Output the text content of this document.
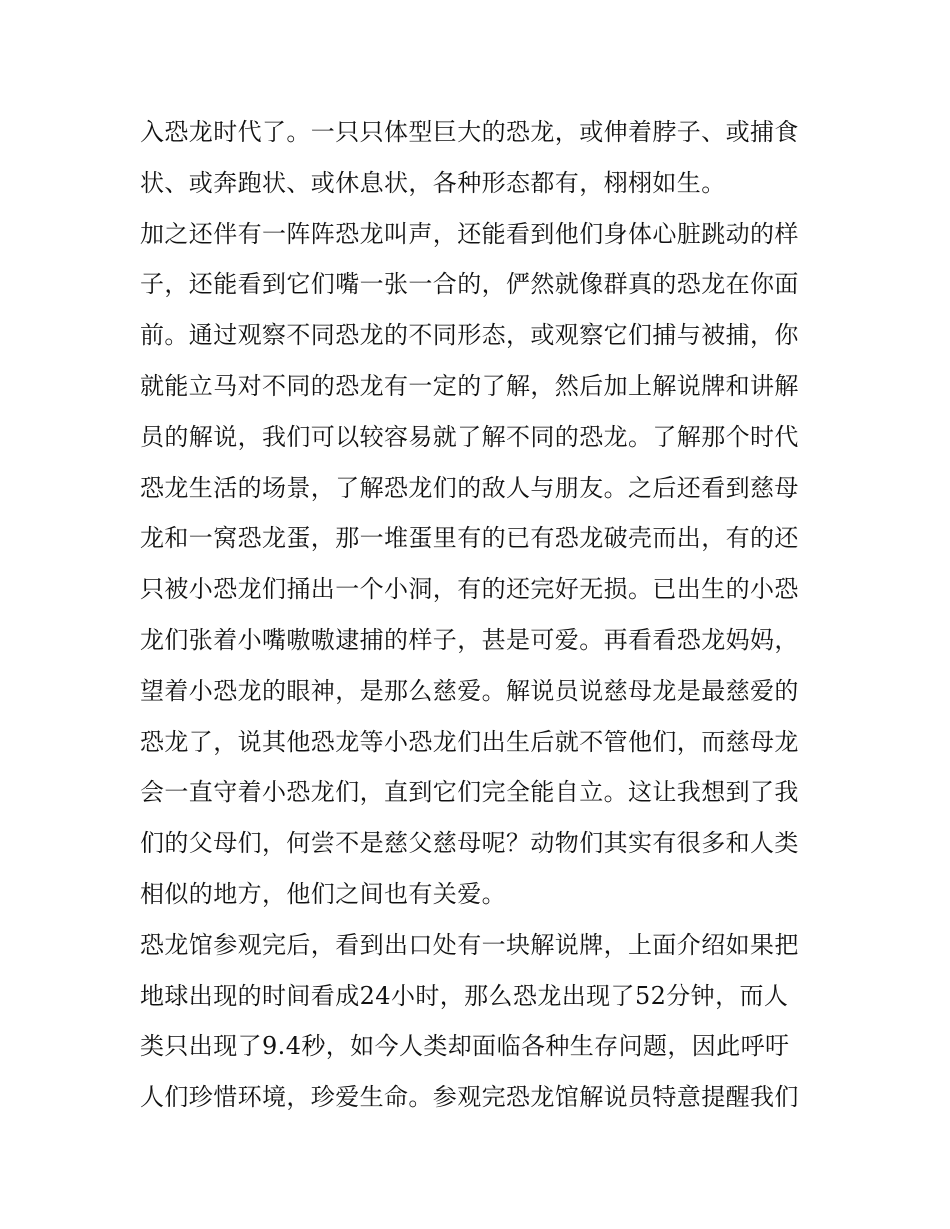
入恐龙时代了。一只只体型巨大的恐龙，或伸着脖子、或捕食
状、或奔跑状、或休息状，各种形态都有，栩栩如生。
加之还伴有一阵阵恐龙叫声，还能看到他们身体心脏跳动的样
子，还能看到它们嘴一张一合的，俨然就像群真的恐龙在你面
前。通过观察不同恐龙的不同形态，或观察它们捕与被捕，你
就能立马对不同的恐龙有一定的了解，然后加上解说牌和讲解
员的解说，我们可以较容易就了解不同的恐龙。了解那个时代
恐龙生活的场景，了解恐龙们的敌人与朋友。之后还看到慈母
龙和一窝恐龙蛋，那一堆蛋里有的已有恐龙破壳而出，有的还
只被小恐龙们捅出一个小洞，有的还完好无损。已出生的小恐
龙们张着小嘴嗷嗷逮捕的样子，甚是可爱。再看看恐龙妈妈，
望着小恐龙的眼神，是那么慈爱。解说员说慈母龙是最慈爱的
恐龙了，说其他恐龙等小恐龙们出生后就不管他们，而慈母龙
会一直守着小恐龙们，直到它们完全能自立。这让我想到了我
们的父母们，何尝不是慈父慈母呢？动物们其实有很多和人类
相似的地方，他们之间也有关爱。
恐龙馆参观完后，看到出口处有一块解说牌，上面介绍如果把
地球出现的时间看成24小时，那么恐龙出现了52分钟，而人
类只出现了9.4秒，如今人类却面临各种生存问题，因此呼吁
人们珍惜环境，珍爱生命。参观完恐龙馆解说员特意提醒我们
